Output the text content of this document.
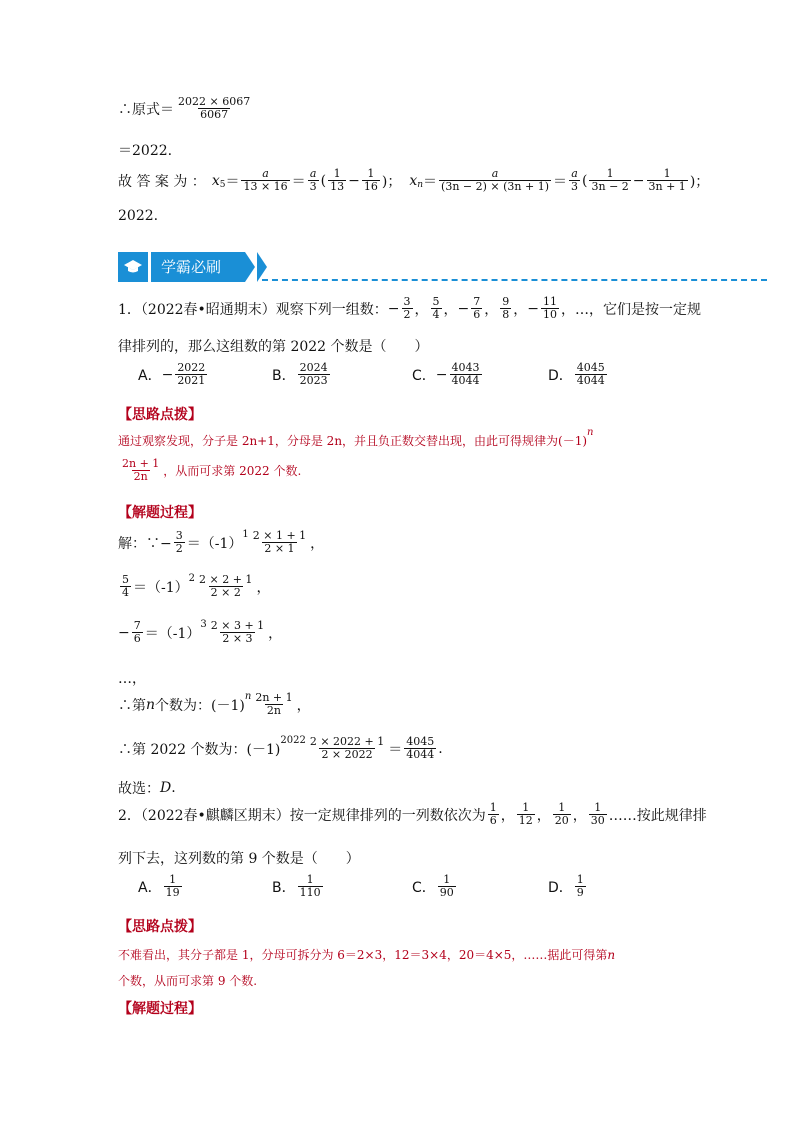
∴原式＝ $\frac{2022 \times 6067}{6067}$
＝2022.
故 答 案 为 ： x $5 = \frac{a}{13 \times 16} = \frac{a}{3}$ ( $\frac{1}{13} - \frac{1}{16}$ )； x $n = \frac{a}{(3n - 2) \times (3n + 1)} = \frac{a}{3}$ ( $\frac{1}{3n - 2} - \frac{1}{3n + 1}$ )；
2022.
学霸必刷
1．（2022春•昭通期末）观察下列一组数： − $\frac{3}{2}$ ， $\frac{5}{4}$ ， − $\frac{7}{6}$ ， $\frac{9}{8}$ ， − $\frac{11}{10}$ ，…，它们是按一定规
律排列的，那么这组数的第 2022 个数是（　　）
A． − $\frac{2022}{2021}$	B． $\frac{2024}{2023}$	C． − $\frac{4043}{4044}$	D． $\frac{4045}{4044}$
【思路点拨】
通过观察发现，分子是 2n+1，分母是 2n，并且负正数交替出现，由此可得规律为(－1)
n
$\frac{2n + 1}{2n}$ ，从而可求第 2022 个数.
【解题过程】
解：∵− $\frac{3}{2} =(-1)$
$1 \frac{2 \times 1 + 1}{2 \times 1}$ ，
$\frac{5}{4} =(-1)$
$2 \frac{2 \times 2 + 1}{2 \times 2}$ ，
− $\frac{7}{6} =(-1)$
$3 \frac{2 \times 3 + 1}{2 \times 3}$ ，
…，
∴第 n 个数为：(－1)
n $\frac{2n + 1}{2n}$ ，
∴第 2022 个数为：(－1)
$2022 \frac{2 \times 2022 + 1}{2 \times 2022} = \frac{4045}{4044}$ .
故选： D .
2．（2022春•麒麟区期末）按一定规律排列的一列数依次为 $\frac{1}{6}$ ， $\frac{1}{12}$ ， $\frac{1}{20}$ ， $\frac{1}{30}$ ……按此规律排
列下去，这列数的第 9 个数是（　　）
A． $\frac{1}{19}$	B． $\frac{1}{110}$	C． $\frac{1}{90}$	D． $\frac{1}{9}$
【思路点拨】
不难看出，其分子都是 1，分母可拆分为 6＝2×3，12＝3×4，20＝4×5，……据此可得第 n
个数，从而可求第 9 个数.
【解题过程】
